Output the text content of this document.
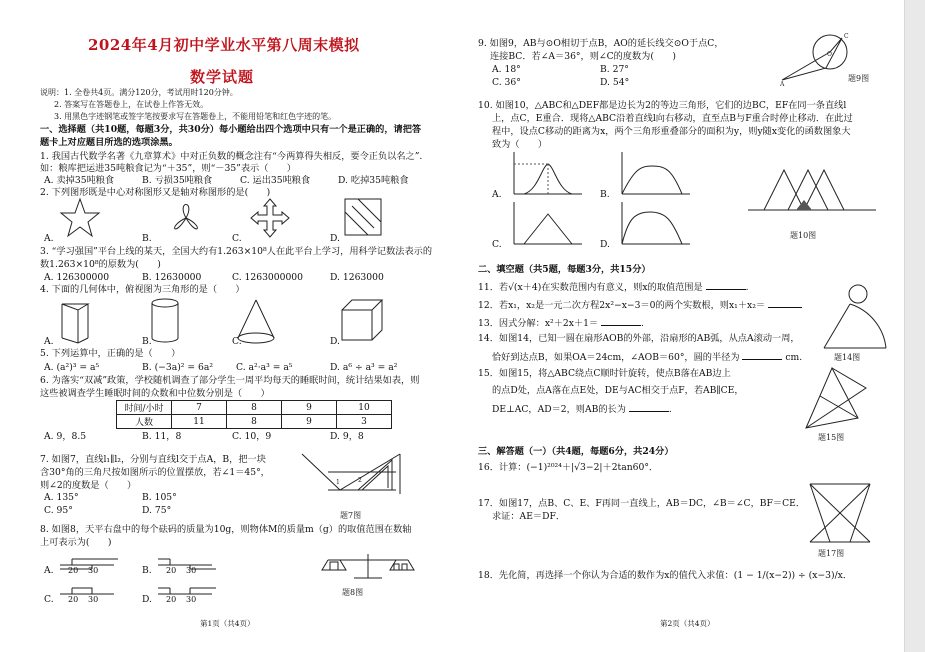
2024年4月初中学业水平第八周末模拟
数学试题
说明：1. 全卷共4页。满分120分，考试用时120分钟。
2. 答案写在答题卷上，在试卷上作答无效。
3. 用黑色字迹钢笔或签字笔按要求写在答题卷上，不能用铅笔和红色字迹的笔。
一、选择题（共10题，每题3分，共30分）每小题给出四个选项中只有一个是正确的，请把答
题卡上对应题目所选的选项涂黑。
1. 我国古代数学名著《九章算术》中对正负数的概念注有“今两算得失相反，要令正负以名之”.
如：粮库把运进35吨粮食记为“＋35”，则“－35”表示（　　）
A. 卖掉35吨粮食	B. 亏损35吨粮食	C. 运出35吨粮食	D. 吃掉35吨粮食
2. 下列图形既是中心对称图形又是轴对称图形的是(　　)
A.	B.	C.	D.
3. “学习强国”平台上线的某天，全国大约有1.263×10⁸人在此平台上学习，用科学记数法表示的
数1.263×10⁸的原数为(　　)
A. 126300000	B. 12630000	C. 1263000000	D. 1263000
4. 下面的几何体中，俯视图为三角形的是（　　）
A.	B.	C.	D.
5. 下列运算中，正确的是（　　）
A. (a²)³ = a⁵	B. (−3a)² = 6a² C. a²·a³ = a⁵	D. a⁶ ÷ a³ = a²
6. 为落实“双减”政策，学校随机调查了部分学生一周平均每天的睡眠时间，统计结果如表，则
这些被调查学生睡眠时间的众数和中位数分别是（　　）
时间/小时	7	8	9	10
人数	11	8	9	3
A. 9，8.5	B. 11，8	C. 10，9	D. 9，8
7. 如图7，直线l₁∥l₂，分别与直线l交于点A，B，把一块
含30°角的三角尺按如图所示的位置摆放，若∠1＝45°，
则∠2的度数是（　　）
A. 135°	B. 105°
C. 95°	D. 75°
1	2
题7图
8. 如图8，天平右盘中的每个砝码的质量为10g，则物体M的质量m（g）的取值范围在数轴
上可表示为(　　)
A. 20 30	B. 20 30
C. 20 30	D. 20 30
题8图
第1页（共4页）
9. 如图9，AB与⊙O相切于点B，AO的延长线交⊙O于点C，
连接BC．若∠A＝36°，则∠C的度数为(　　)
A. 18°	B. 27°
C. 36°	D. 54°	A
C
O
题9图
10. 如图10，△ABC和△DEF都是边长为2的等边三角形，它们的边BC，EF在同一条直线l
上，点C，E重合．现将△ABC沿着直线l向右移动，直至点B与F重合时停止移动．在此过
程中，设点C移动的距离为x，两个三角形重叠部分的面积为y，则y随x变化的函数图象大
致为（　　）
A.	B.
C.	D.
题10图
二、填空题（共5题，每题3分，共15分）
11．若√(x＋4)在实数范围内有意义，则x的取值范围是	.
12．若x₁，x₂是一元二次方程2x²−x−3＝0的两个实数根，则x₁＋x₂＝
13．因式分解：x²＋2x＋1＝	.
14．如图14，已知一圆在扇形AOB的外部，沿扇形的AB弧，从点A滚动一周，
恰好到达点B，如果OA＝24cm，∠AOB＝60°，圆的半径为	cm.	题14图
15．如图15，将△ABC绕点C顺时针旋转，使点B落在AB边上
的点D处，点A落在点E处，DE与AC相交于点F，若AB∥CE，
DE⊥AC，AD＝2，则AB的长为	.
题15图
三、解答题（一）（共4题，每题6分，共24分）
16．计算：(−1)²⁰²⁴＋|√3−2|＋2tan60°．
17．如图17，点B、C、E、F再同一直线上，AB＝DC，∠B＝∠C，BF＝CE．
求证：AE＝DF．
题17图
18．先化简，再选择一个你认为合适的数作为x的值代入求值：(1 − 1/(x−2)) ÷ (x−3)/x．
第2页（共4页）
